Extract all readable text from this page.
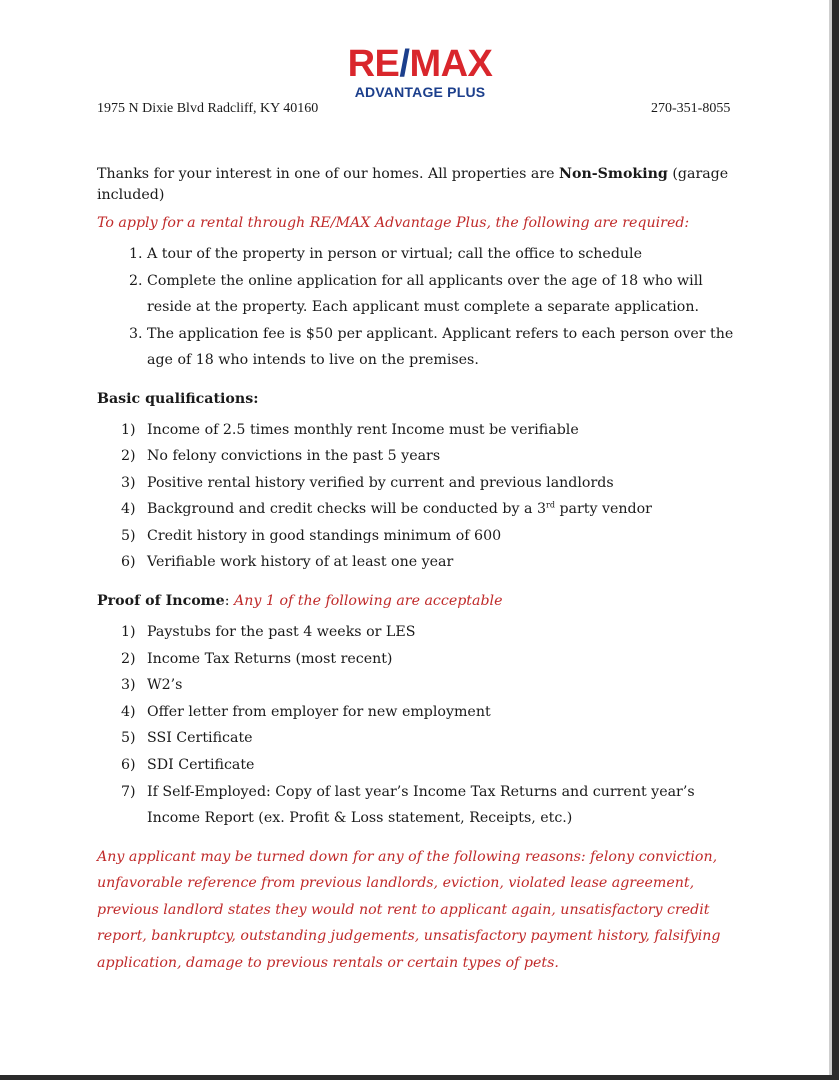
RE/MAX
ADVANTAGE PLUS
1975 N Dixie Blvd Radcliff, KY 40160	270-351-8055

Thanks for your interest in one of our homes. All properties are Non-Smoking (garage included)

To apply for a rental through RE/MAX Advantage Plus, the following are required:

1. A tour of the property in person or virtual; call the office to schedule
2. Complete the online application for all applicants over the age of 18 who will reside at the property. Each applicant must complete a separate application.
3. The application fee is $50 per applicant. Applicant refers to each person over the age of 18 who intends to live on the premises.

Basic qualifications:

1) Income of 2.5 times monthly rent Income must be verifiable
2) No felony convictions in the past 5 years
3) Positive rental history verified by current and previous landlords
4) Background and credit checks will be conducted by a 3rd party vendor
5) Credit history in good standings minimum of 600
6) Verifiable work history of at least one year

Proof of Income: Any 1 of the following are acceptable

1) Paystubs for the past 4 weeks or LES
2) Income Tax Returns (most recent)
3) W2’s
4) Offer letter from employer for new employment
5) SSI Certificate
6) SDI Certificate
7) If Self-Employed: Copy of last year’s Income Tax Returns and current year’s Income Report (ex. Profit & Loss statement, Receipts, etc.)

Any applicant may be turned down for any of the following reasons: felony conviction, unfavorable reference from previous landlords, eviction, violated lease agreement, previous landlord states they would not rent to applicant again, unsatisfactory credit report, bankruptcy, outstanding judgements, unsatisfactory payment history, falsifying application, damage to previous rentals or certain types of pets.
